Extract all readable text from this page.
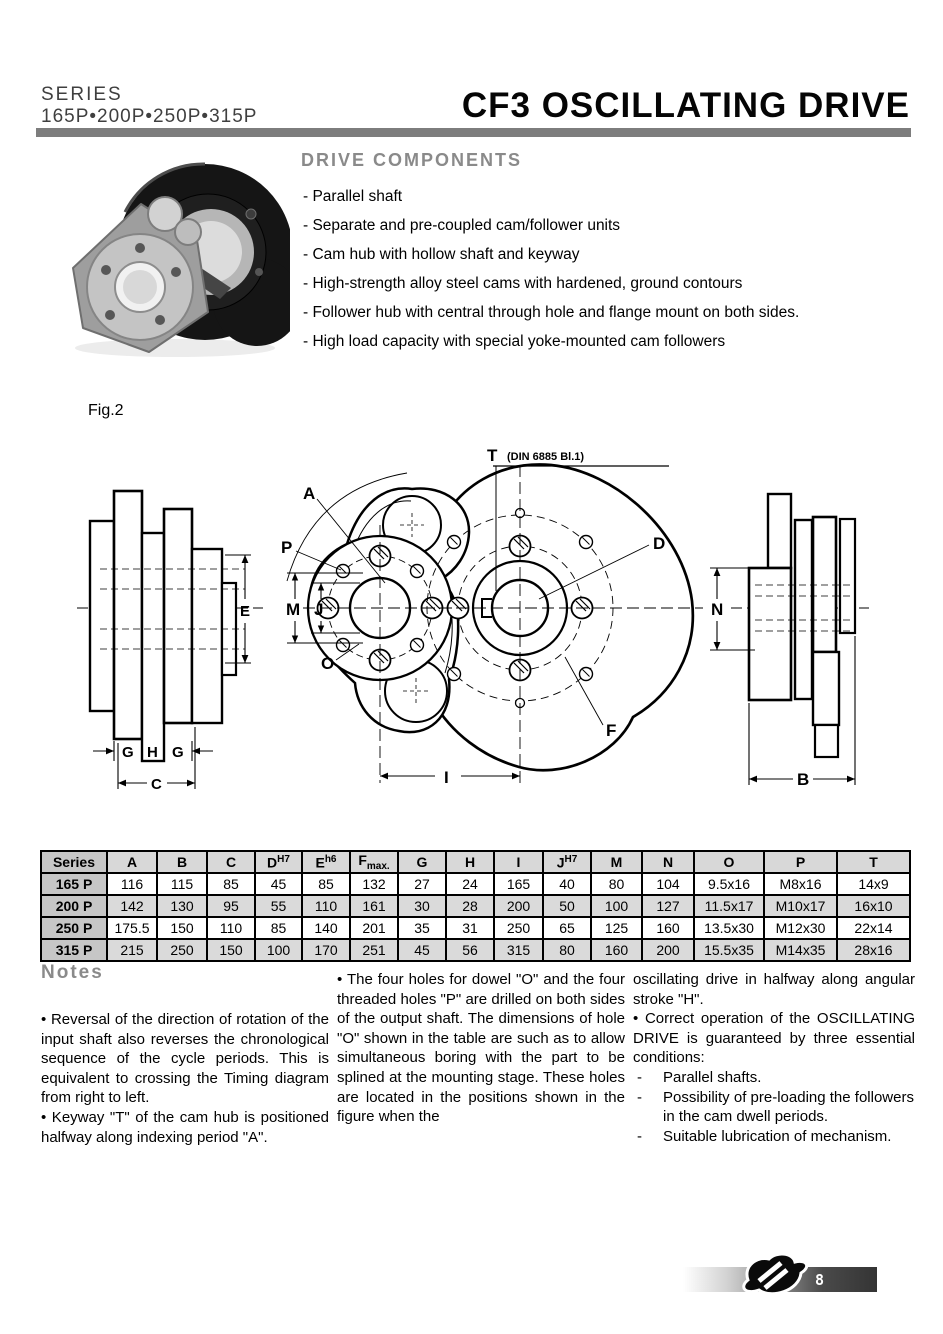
SERIES
165P•200P•250P•315P	CF3 OSCILLATING DRIVE
DRIVE COMPONENTS
- Parallel shaft
- Separate and pre-coupled cam/follower units
- Cam hub with hollow shaft and keyway
- High-strength alloy steel cams with hardened, ground contours
- Follower hub with central through hole and flange mount on both sides.
- High load capacity with special yoke-mounted cam followers
Fig.2
E
G H G
C
M J
A
P
O
D
F
T (DIN 6885 Bl.1)
I
N
B
Series	A	B	C	$D^{H7}$	$E^{h6}$	$F_{max.}$	G	H	I	$J^{H7}$	M	N	O	P	T
165 P	116	115	85	45	85	132	27	24	165	40	80	104	9.5x16	M8x16	14x9
200 P	142	130	95	55	110	161	30	28	200	50	100	127	11.5x17	M10x17	16x10
250 P	175.5	150	110	85	140	201	35	31	250	65	125	160	13.5x30	M12x30	22x14
315 P	215	250	150	100	170	251	45	56	315	80	160	200	15.5x35	M14x35	28x16
Notes

• Reversal of the direction of rotation of the input shaft also reverses the chronological sequence of the cycle periods. This is equivalent to crossing the Timing diagram from right to left.

• Keyway "T" of the cam hub is positioned halfway along indexing period "A".

• The four holes for dowel "O" and the four threaded holes "P" are drilled on both sides of the output shaft. The dimensions of hole "O" shown in the table are such as to allow simultaneous boring with the part to be splined at the mounting stage. These holes are located in the positions shown in the figure when the

oscillating drive in halfway along angular stroke "H".

• Correct operation of the OSCILLATING DRIVE is guaranteed by three essential conditions:

-	Parallel shafts.
-	Possibility of pre-loading the followers in the cam dwell periods.
-	Suitable lubrication of mechanism.
8
